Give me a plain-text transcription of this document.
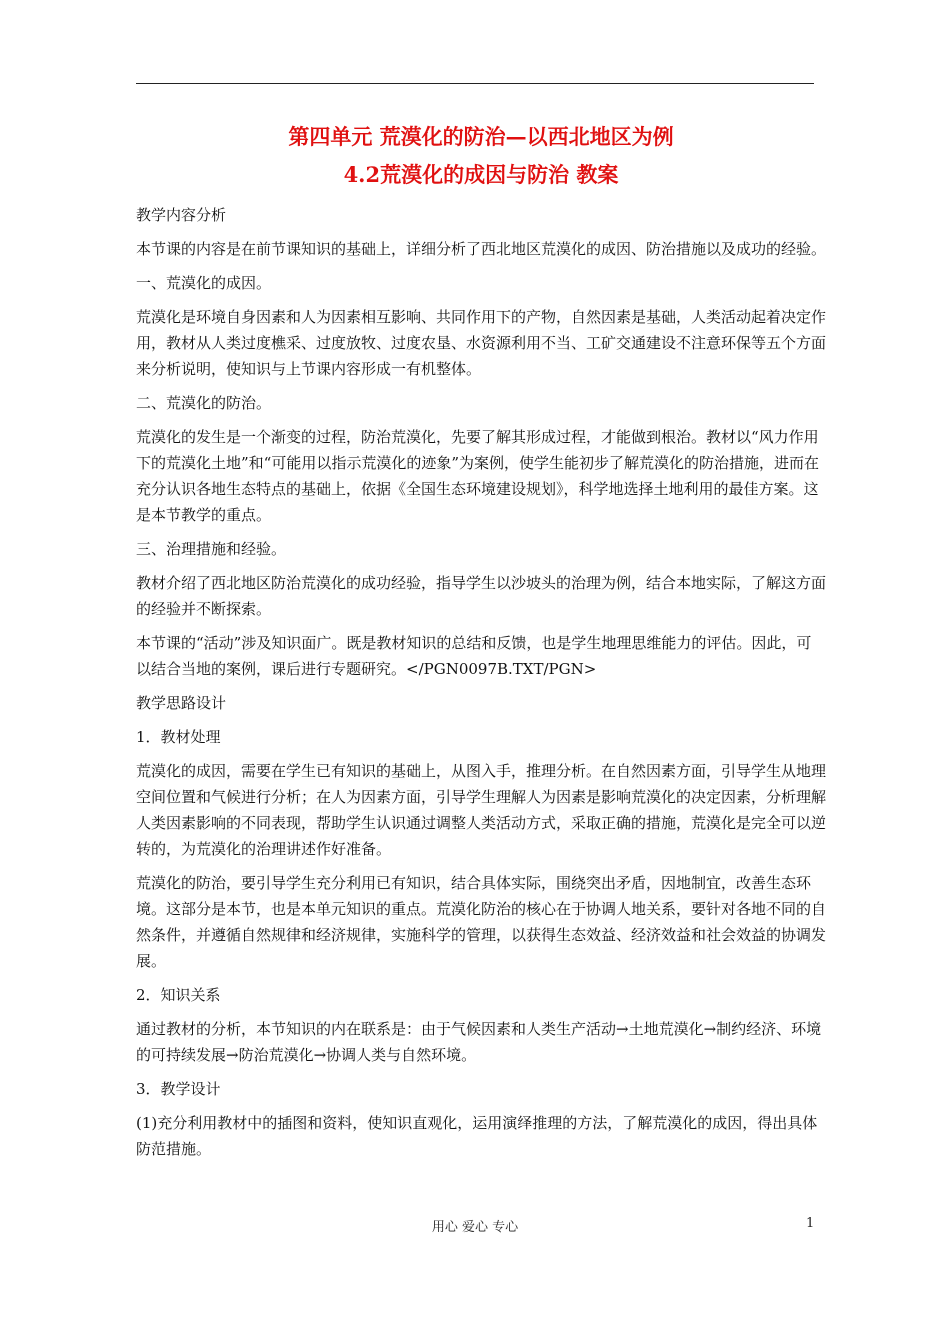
第四单元 荒漠化的防治—以西北地区为例
4.2荒漠化的成因与防治 教案

教学内容分析

本节课的内容是在前节课知识的基础上，详细分析了西北地区荒漠化的成因、防治措施以及成功的经验。

一、荒漠化的成因。

荒漠化是环境自身因素和人为因素相互影响、共同作用下的产物，自然因素是基础，人类活动起着决定作用，教材从人类过度樵采、过度放牧、过度农垦、水资源利用不当、工矿交通建设不注意环保等五个方面来分析说明，使知识与上节课内容形成一有机整体。

二、荒漠化的防治。

荒漠化的发生是一个渐变的过程，防治荒漠化，先要了解其形成过程，才能做到根治。教材以“风力作用下的荒漠化土地”和“可能用以指示荒漠化的迹象”为案例，使学生能初步了解荒漠化的防治措施，进而在充分认识各地生态特点的基础上，依据《全国生态环境建设规划》，科学地选择土地利用的最佳方案。这是本节教学的重点。

三、治理措施和经验。

教材介绍了西北地区防治荒漠化的成功经验，指导学生以沙坡头的治理为例，结合本地实际，了解这方面的经验并不断探索。

本节课的“活动”涉及知识面广。既是教材知识的总结和反馈，也是学生地理思维能力的评估。因此，可以结合当地的案例，课后进行专题研究。</PGN0097B.TXT/PGN>

教学思路设计

1．教材处理

荒漠化的成因，需要在学生已有知识的基础上，从图入手，推理分析。在自然因素方面，引导学生从地理空间位置和气候进行分析；在人为因素方面，引导学生理解人为因素是影响荒漠化的决定因素，分析理解人类因素影响的不同表现，帮助学生认识通过调整人类活动方式，采取正确的措施，荒漠化是完全可以逆转的，为荒漠化的治理讲述作好准备。

荒漠化的防治，要引导学生充分利用已有知识，结合具体实际，围绕突出矛盾，因地制宜，改善生态环境。这部分是本节，也是本单元知识的重点。荒漠化防治的核心在于协调人地关系，要针对各地不同的自然条件，并遵循自然规律和经济规律，实施科学的管理，以获得生态效益、经济效益和社会效益的协调发展。

2．知识关系

通过教材的分析，本节知识的内在联系是：由于气候因素和人类生产活动→土地荒漠化→制约经济、环境的可持续发展→防治荒漠化→协调人类与自然环境。

3．教学设计

(1)充分利用教材中的插图和资料，使知识直观化，运用演绎推理的方法，了解荒漠化的成因，得出具体防范措施。

用心 爱心 专心	1
